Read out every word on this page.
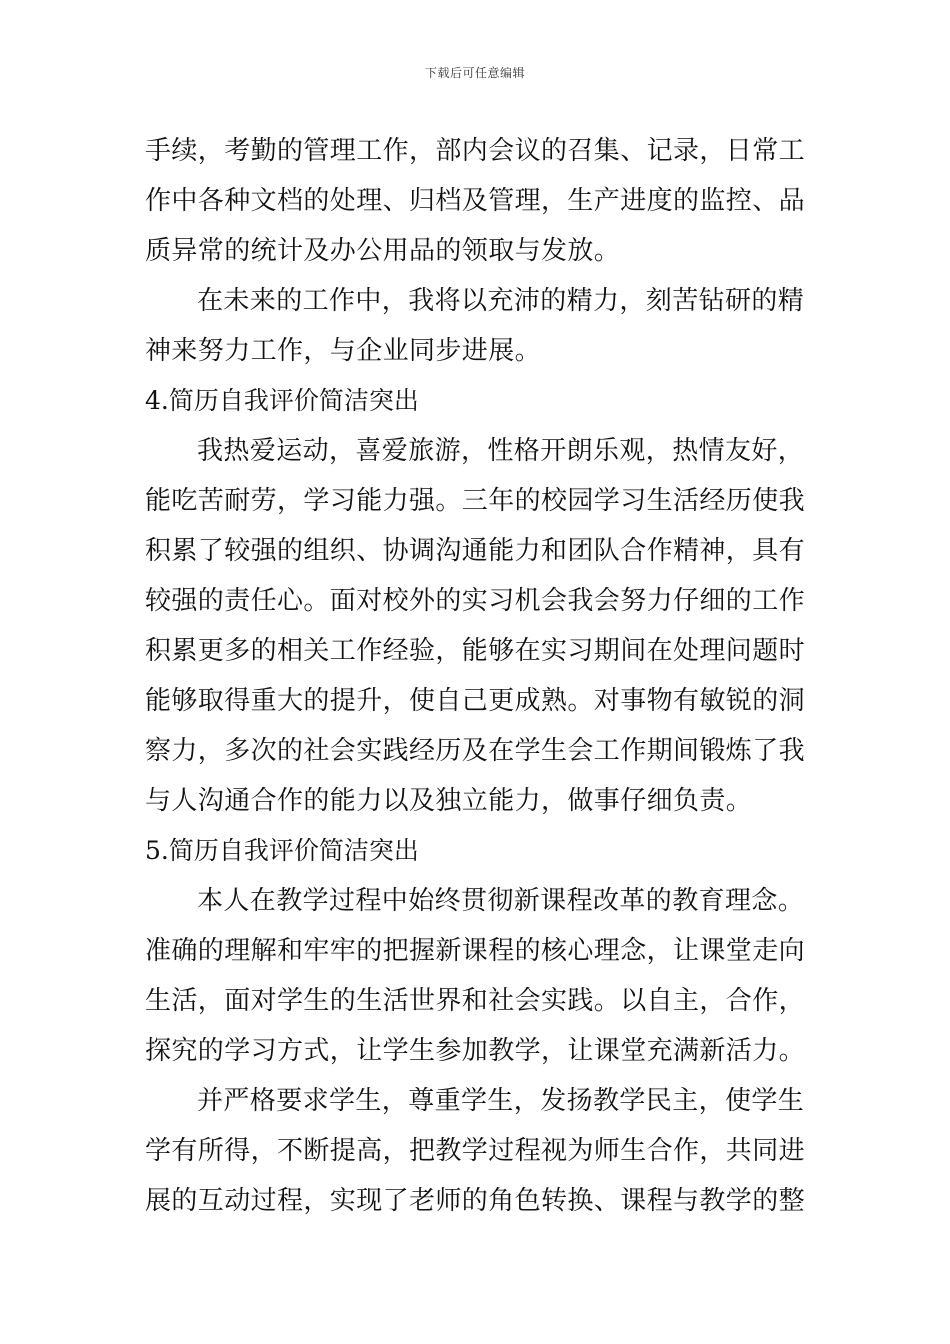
下载后可任意编辑
手续，考勤的管理工作，部内会议的召集、记录，日常工
作中各种文档的处理、归档及管理，生产进度的监控、品
质异常的统计及办公用品的领取与发放。
在未来的工作中，我将以充沛的精力，刻苦钻研的精
神来努力工作，与企业同步进展。
4.简历自我评价简洁突出
我热爱运动，喜爱旅游，性格开朗乐观，热情友好，
能吃苦耐劳，学习能力强。三年的校园学习生活经历使我
积累了较强的组织、协调沟通能力和团队合作精神，具有
较强的责任心。面对校外的实习机会我会努力仔细的工作
积累更多的相关工作经验，能够在实习期间在处理问题时
能够取得重大的提升，使自己更成熟。对事物有敏锐的洞
察力，多次的社会实践经历及在学生会工作期间锻炼了我
与人沟通合作的能力以及独立能力，做事仔细负责。
5.简历自我评价简洁突出
本人在教学过程中始终贯彻新课程改革的教育理念。
准确的理解和牢牢的把握新课程的核心理念，让课堂走向
生活，面对学生的生活世界和社会实践。以自主，合作，
探究的学习方式，让学生参加教学，让课堂充满新活力。
并严格要求学生，尊重学生，发扬教学民主，使学生
学有所得，不断提高，把教学过程视为师生合作，共同进
展的互动过程，实现了老师的角色转换、课程与教学的整
